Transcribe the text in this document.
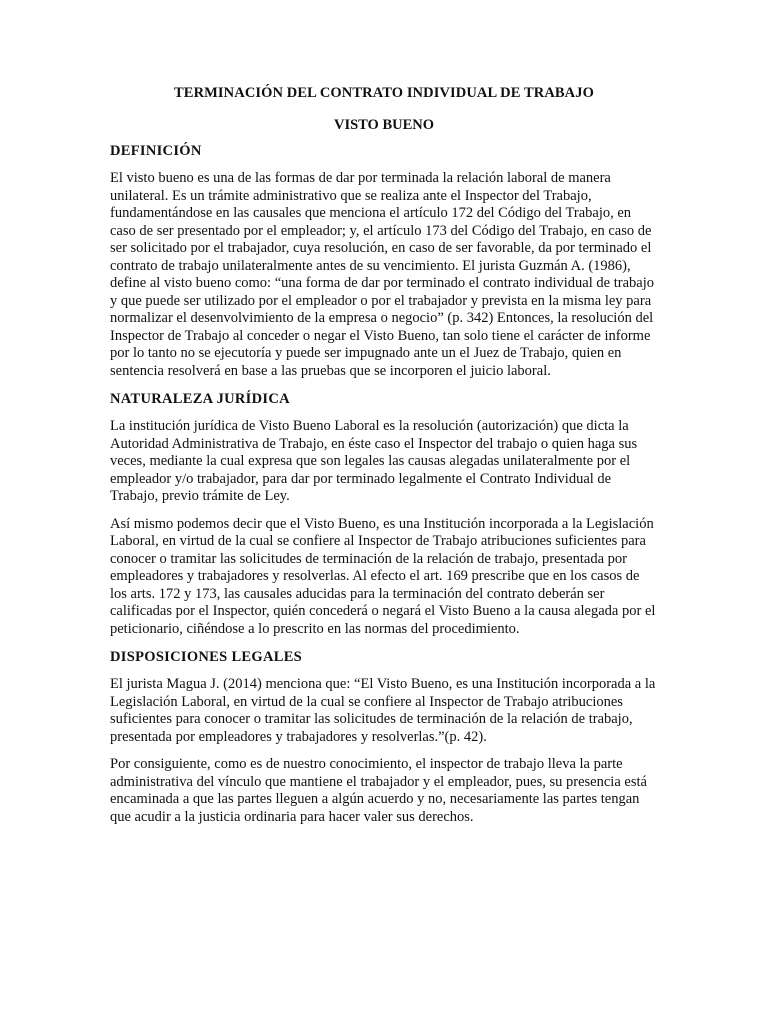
TERMINACIÓN DEL CONTRATO INDIVIDUAL DE TRABAJO
VISTO BUENO
DEFINICIÓN

El visto bueno es una de las formas de dar por terminada la relación laboral de manera unilateral. Es un trámite administrativo que se realiza ante el Inspector del Trabajo, fundamentándose en las causales que menciona el artículo 172 del Código del Trabajo, en caso de ser presentado por el empleador; y, el artículo 173 del Código del Trabajo, en caso de ser solicitado por el trabajador, cuya resolución, en caso de ser favorable, da por terminado el contrato de trabajo unilateralmente antes de su vencimiento. El jurista Guzmán A. (1986), define al visto bueno como: “una forma de dar por terminado el contrato individual de trabajo y que puede ser utilizado por el empleador o por el trabajador y prevista en la misma ley para normalizar el desenvolvimiento de la empresa o negocio” (p. 342) Entonces, la resolución del Inspector de Trabajo al conceder o negar el Visto Bueno, tan solo tiene el carácter de informe por lo tanto no se ejecutoría y puede ser impugnado ante un el Juez de Trabajo, quien en sentencia resolverá en base a las pruebas que se incorporen el juicio laboral.

NATURALEZA JURÍDICA

La institución jurídica de Visto Bueno Laboral es la resolución (autorización) que dicta la Autoridad Administrativa de Trabajo, en éste caso el Inspector del trabajo o quien haga sus veces, mediante la cual expresa que son legales las causas alegadas unilateralmente por el empleador y/o trabajador, para dar por terminado legalmente el Contrato Individual de Trabajo, previo trámite de Ley.

Así mismo podemos decir que el Visto Bueno, es una Institución incorporada a la Legislación Laboral, en virtud de la cual se confiere al Inspector de Trabajo atribuciones suficientes para conocer o tramitar las solicitudes de terminación de la relación de trabajo, presentada por empleadores y trabajadores y resolverlas. Al efecto el art. 169 prescribe que en los casos de los arts. 172 y 173, las causales aducidas para la terminación del contrato deberán ser calificadas por el Inspector, quién concederá o negará el Visto Bueno a la causa alegada por el peticionario, ciñéndose a lo prescrito en las normas del procedimiento.

DISPOSICIONES LEGALES

El jurista Magua J. (2014) menciona que: “El Visto Bueno, es una Institución incorporada a la Legislación Laboral, en virtud de la cual se confiere al Inspector de Trabajo atribuciones suficientes para conocer o tramitar las solicitudes de terminación de la relación de trabajo, presentada por empleadores y trabajadores y resolverlas.”(p. 42).

Por consiguiente, como es de nuestro conocimiento, el inspector de trabajo lleva la parte administrativa del vínculo que mantiene el trabajador y el empleador, pues, su presencia está encaminada a que las partes lleguen a algún acuerdo y no, necesariamente las partes tengan que acudir a la justicia ordinaria para hacer valer sus derechos.
